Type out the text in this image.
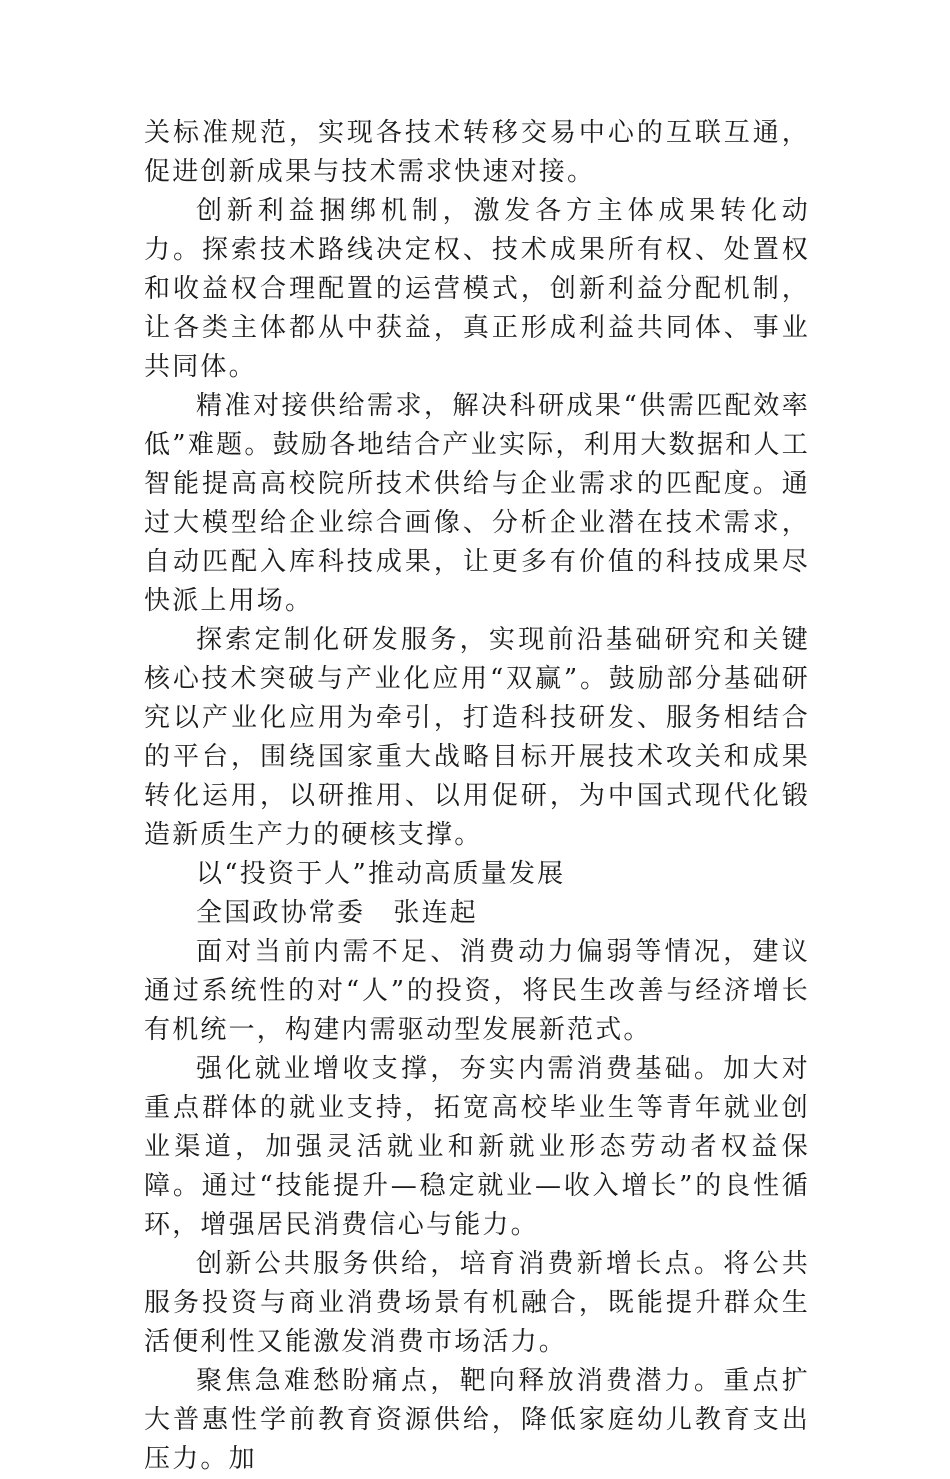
关标准规范，实现各技术转移交易中心的互联互通，促进创新成果与技术需求快速对接。

创新利益捆绑机制，激发各方主体成果转化动力。探索技术路线决定权、技术成果所有权、处置权和收益权合理配置的运营模式，创新利益分配机制，让各类主体都从中获益，真正形成利益共同体、事业共同体。

精准对接供给需求，解决科研成果“供需匹配效率低”难题。鼓励各地结合产业实际，利用大数据和人工智能提高高校院所技术供给与企业需求的匹配度。通过大模型给企业综合画像、分析企业潜在技术需求，自动匹配入库科技成果，让更多有价值的科技成果尽快派上用场。

探索定制化研发服务，实现前沿基础研究和关键核心技术突破与产业化应用“双赢”。鼓励部分基础研究以产业化应用为牵引，打造科技研发、服务相结合的平台，围绕国家重大战略目标开展技术攻关和成果转化运用，以研推用、以用促研，为中国式现代化锻造新质生产力的硬核支撑。

以“投资于人”推动高质量发展

全国政协常委　张连起

面对当前内需不足、消费动力偏弱等情况，建议通过系统性的对“人”的投资，将民生改善与经济增长有机统一，构建内需驱动型发展新范式。

强化就业增收支撑，夯实内需消费基础。加大对重点群体的就业支持，拓宽高校毕业生等青年就业创业渠道，加强灵活就业和新就业形态劳动者权益保障。通过“技能提升—稳定就业—收入增长”的良性循环，增强居民消费信心与能力。

创新公共服务供给，培育消费新增长点。将公共服务投资与商业消费场景有机融合，既能提升群众生活便利性又能激发消费市场活力。

聚焦急难愁盼痛点，靶向释放消费潜力。重点扩大普惠性学前教育资源供给，降低家庭幼儿教育支出压力。加
